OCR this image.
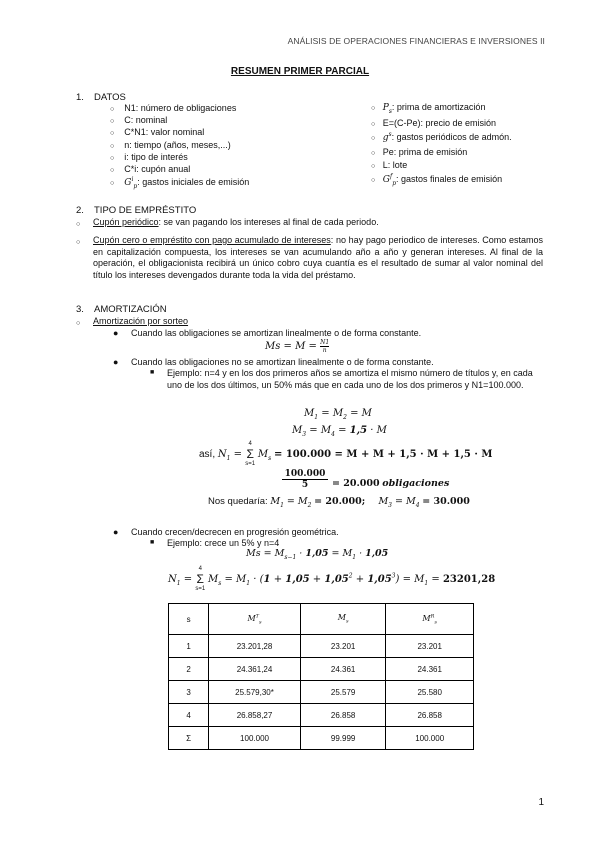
ANÁLISIS DE OPERACIONES FINANCIERAS E INVERSIONES II
RESUMEN PRIMER PARCIAL
1. DATOS
○ N1: número de obligaciones
○ C: nominal
○ C*N1: valor nominal
○ n: tiempo (años, meses,...)
○ i: tipo de interés
○ C*i: cupón anual
○ $G^i_p$: gastos iniciales de emisión
○ $P_s$: prima de amortización
○ E=(C-Pe): precio de emisión
○ $g^s$: gastos periódicos de admón.
○ Pe: prima de emisión
○ L: lote
○ $G^f_p$: gastos finales de emisión
2. TIPO DE EMPRÉSTITO
○ Cupón periódico: se van pagando los intereses al final de cada periodo.
○ Cupón cero o empréstito con pago acumulado de intereses: no hay pago periodico de intereses. Como estamos en capitalización compuesta, los intereses se van acumulando año a año y generan intereses. Al final de la operación, el obligacionista recibirá un único cobro cuya cuantía es el resultado de sumar al valor nominal del título los intereses devengados durante toda la vida del préstamo.
3. AMORTIZACIÓN
○ Amortización por sorteo
● Cuando las obligaciones se amortizan linealmente o de forma constante.
$Ms = M = \frac{N1}{n}$
● Cuando las obligaciones no se amortizan linealmente o de forma constante.
■ Ejemplo: n=4 y en los dos primeros años se amortiza el mismo número de títulos y, en cada uno de los dos últimos, un 50% más que en cada uno de los dos primeros y N1=100.000.
$M_1 = M_2 = M$
$M_3 = M_4 = 1,5 \cdot M$
así, $N_1 = 4$
Σ
s=1 $M_s = 100.000 = M + M + 1,5 \cdot M + 1,5 \cdot M$
100.000
5	= 20.000 obligaciones
Nos quedaría: $M_1 = M_2 = 20.000$; $M_3 = M_4 = 30.000$
● Cuando crecen/decrecen en progresión geométrica.
■ Ejemplo: crece un 5% y n=4
$Ms = M_{s-1} \cdot 1,05 = M_1 \cdot 1,05$
$N_1 = 4$
Σ
s=1 $M_s = M_1 \cdot (1 + 1,05 + 1,05^2 + 1,05^3) = M_1 = 23201,28$
s	$M^T_s$	$M_s$	$M^R_s$
1	23.201,28	23.201	23.201
2	24.361,24	24.361	24.361
3	25.579,30*	25.579	25.580
4	26.858,27	26.858	26.858
Σ	100.000	99.999	100.000
1
